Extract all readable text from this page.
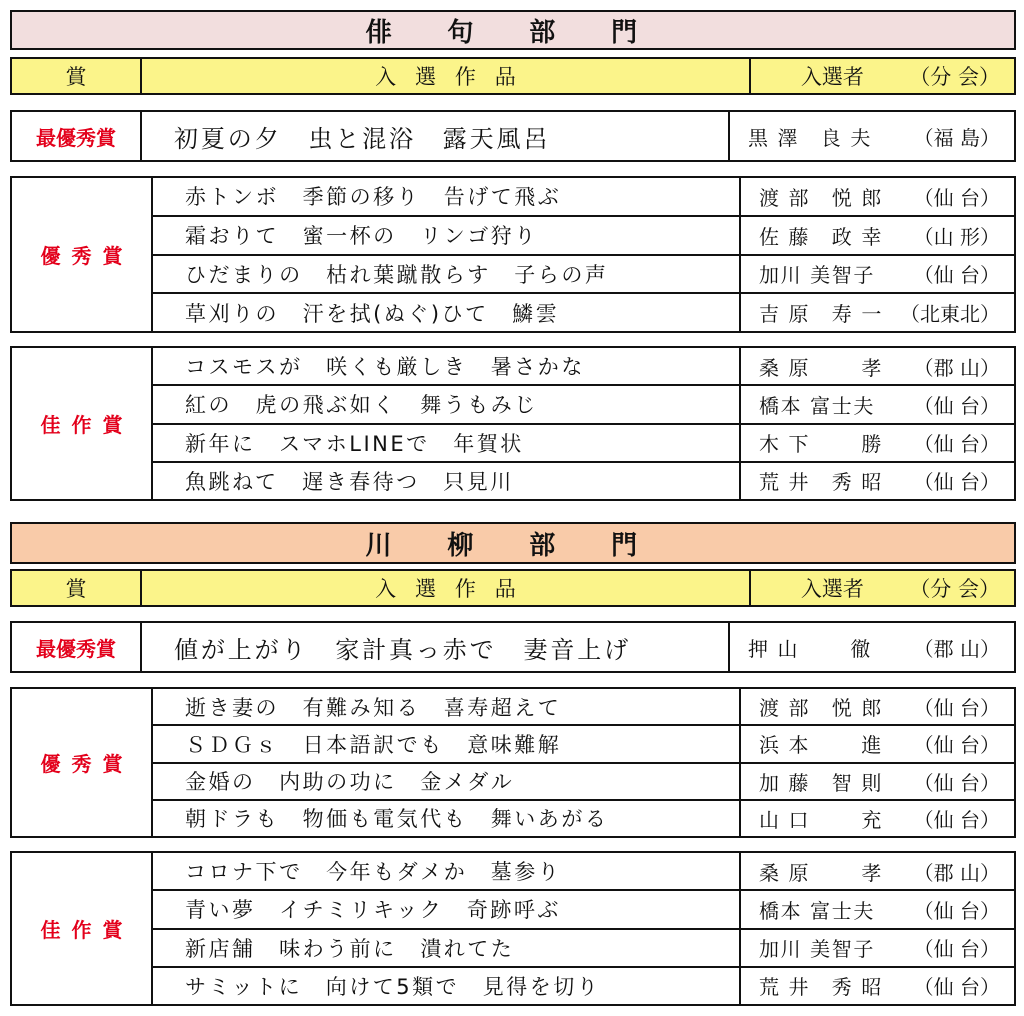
俳 句 部 門
賞	入選作品	入選者 （分 会）
最優秀賞	初夏の夕　虫と混浴　露天風呂	黒 澤　良 夫 （福 島）
優秀賞
赤トンボ　季節の移り　告げて飛ぶ	渡 部　悦 郎 （仙 台）
霜おりて　蜜一杯の　リンゴ狩り	佐 藤　政 幸 （山 形）
ひだまりの　枯れ葉蹴散らす　子らの声	加川 美智子 （仙 台）
草刈りの　汗を拭(ぬぐ)ひて　鱗雲	吉 原　寿 一 （北東北）
佳作賞
コスモスが　咲くも厳しき　暑さかな	桑 原　　 孝 （郡 山）
紅の　虎の飛ぶ如く　舞うもみじ	橋本 富士夫 （仙 台）
新年に　スマホLINEで　年賀状	木 下　　 勝 （仙 台）
魚跳ねて　遅き春待つ　只見川	荒 井　秀 昭 （仙 台）
川 柳 部 門
賞	入選作品	入選者 （分 会）
最優秀賞	値が上がり　家計真っ赤で　妻音上げ	押 山　　 徹 （郡 山）
優秀賞
逝き妻の　有難み知る　喜寿超えて	渡 部　悦 郎 （仙 台）
ＳＤＧｓ　日本語訳でも　意味難解	浜 本　　 進 （仙 台）
金婚の　内助の功に　金メダル	加 藤　智 則 （仙 台）
朝ドラも　物価も電気代も　舞いあがる	山 口　　 充 （仙 台）
佳作賞
コロナ下で　今年もダメか　墓参り	桑 原　　 孝 （郡 山）
青い夢　イチミリキック　奇跡呼ぶ	橋本 富士夫 （仙 台）
新店舗　味わう前に　潰れてた	加川 美智子 （仙 台）
サミットに　向けて5類で　見得を切り	荒 井　秀 昭 （仙 台）
